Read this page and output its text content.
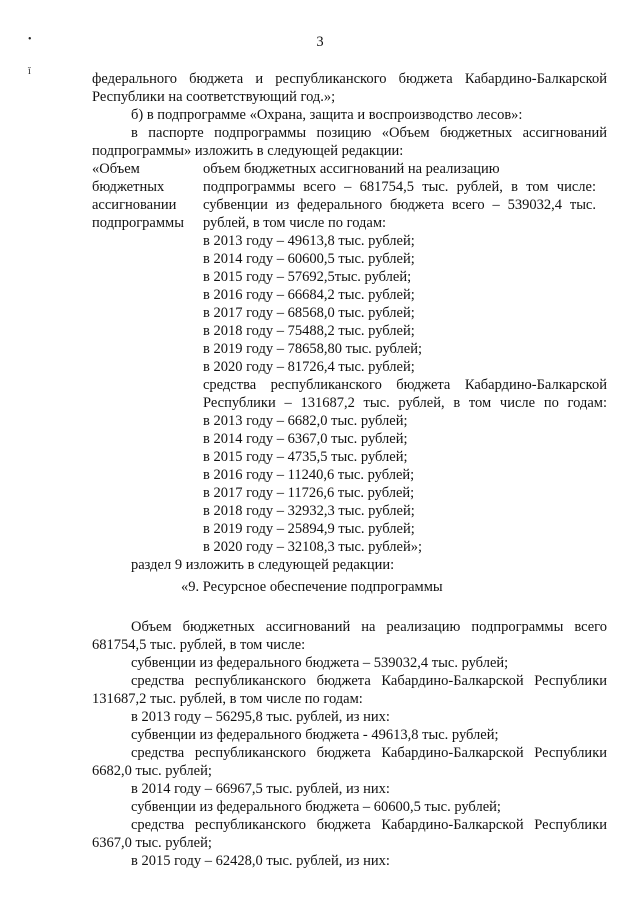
•
ǐ
3
федерального бюджета и республиканского бюджета Кабардино-Балкарской
Республики на соответствующий год.»;
б) в подпрограмме «Охрана, защита и воспроизводство лесов»:
в паспорте подпрограммы позицию «Объем бюджетных ассигнований
подпрограммы» изложить в следующей редакции:
«Объем
бюджетных
ассигновании
подпрограммы
объем бюджетных ассигнований на реализацию
подпрограммы всего – 681754,5 тыс. рублей, в том числе:
субвенции из федерального бюджета всего – 539032,4 тыс.
рублей, в том числе по годам:
в 2013 году – 49613,8 тыс. рублей;
в 2014 году – 60600,5 тыс. рублей;
в 2015 году – 57692,5тыс. рублей;
в 2016 году – 66684,2 тыс. рублей;
в 2017 году – 68568,0 тыс. рублей;
в 2018 году – 75488,2 тыс. рублей;
в 2019 году – 78658,80 тыс. рублей;
в 2020 году – 81726,4 тыс. рублей;
средства республиканского бюджета Кабардино-Балкарской
Республики – 131687,2 тыс. рублей, в том числе по годам:
в 2013 году – 6682,0 тыс. рублей;
в 2014 году – 6367,0 тыс. рублей;
в 2015 году – 4735,5 тыс. рублей;
в 2016 году – 11240,6 тыс. рублей;
в 2017 году – 11726,6 тыс. рублей;
в 2018 году – 32932,3 тыс. рублей;
в 2019 году – 25894,9 тыс. рублей;
в 2020 году – 32108,3 тыс. рублей»;
раздел 9 изложить в следующей редакции:
«9. Ресурсное обеспечение подпрограммы
Объем бюджетных ассигнований на реализацию подпрограммы всего
681754,5 тыс. рублей, в том числе:
субвенции из федерального бюджета – 539032,4 тыс. рублей;
средства республиканского бюджета Кабардино-Балкарской Республики
131687,2 тыс. рублей, в том числе по годам:
в 2013 году – 56295,8 тыс. рублей, из них:
субвенции из федерального бюджета - 49613,8 тыс. рублей;
средства республиканского бюджета Кабардино-Балкарской Республики
6682,0 тыс. рублей;
в 2014 году – 66967,5 тыс. рублей, из них:
субвенции из федерального бюджета – 60600,5 тыс. рублей;
средства республиканского бюджета Кабардино-Балкарской Республики
6367,0 тыс. рублей;
в 2015 году – 62428,0 тыс. рублей, из них:
